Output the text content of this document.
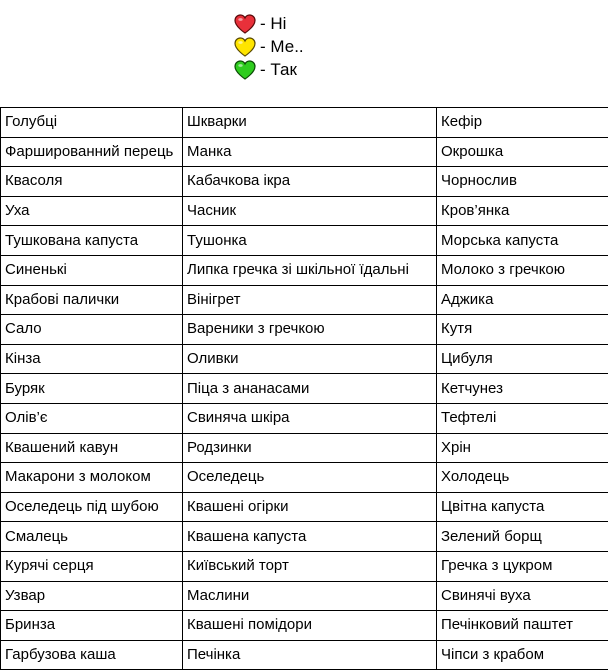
- Ні
- Ме..
- Так
Голубці	Шкварки	Кефір
Фаршированний перець	Манка	Окрошка
Квасоля	Кабачкова ікра	Чорнослив
Уха	Часник	Кров’янка
Тушкована капуста	Тушонка	Морська капуста
Синенькі	Липка гречка зі шкільної їдальні	Молоко з гречкою
Крабові палички	Вінігрет	Аджика
Сало	Вареники з гречкою	Кутя
Кінза	Оливки	Цибуля
Буряк	Піца з ананасами	Кетчунез
Олів’є	Свиняча шкіра	Тефтелі
Квашений кавун	Родзинки	Хрін
Макарони з молоком	Оселедець	Холодець
Оселедець під шубою	Квашені огірки	Цвітна капуста
Смалець	Квашена капуста	Зелений борщ
Курячі серця	Київський торт	Гречка з цукром
Узвар	Маслини	Свинячі вуха
Бринза	Квашені помідори	Печінковий паштет
Гарбузова каша	Печінка	Чіпси з крабом
